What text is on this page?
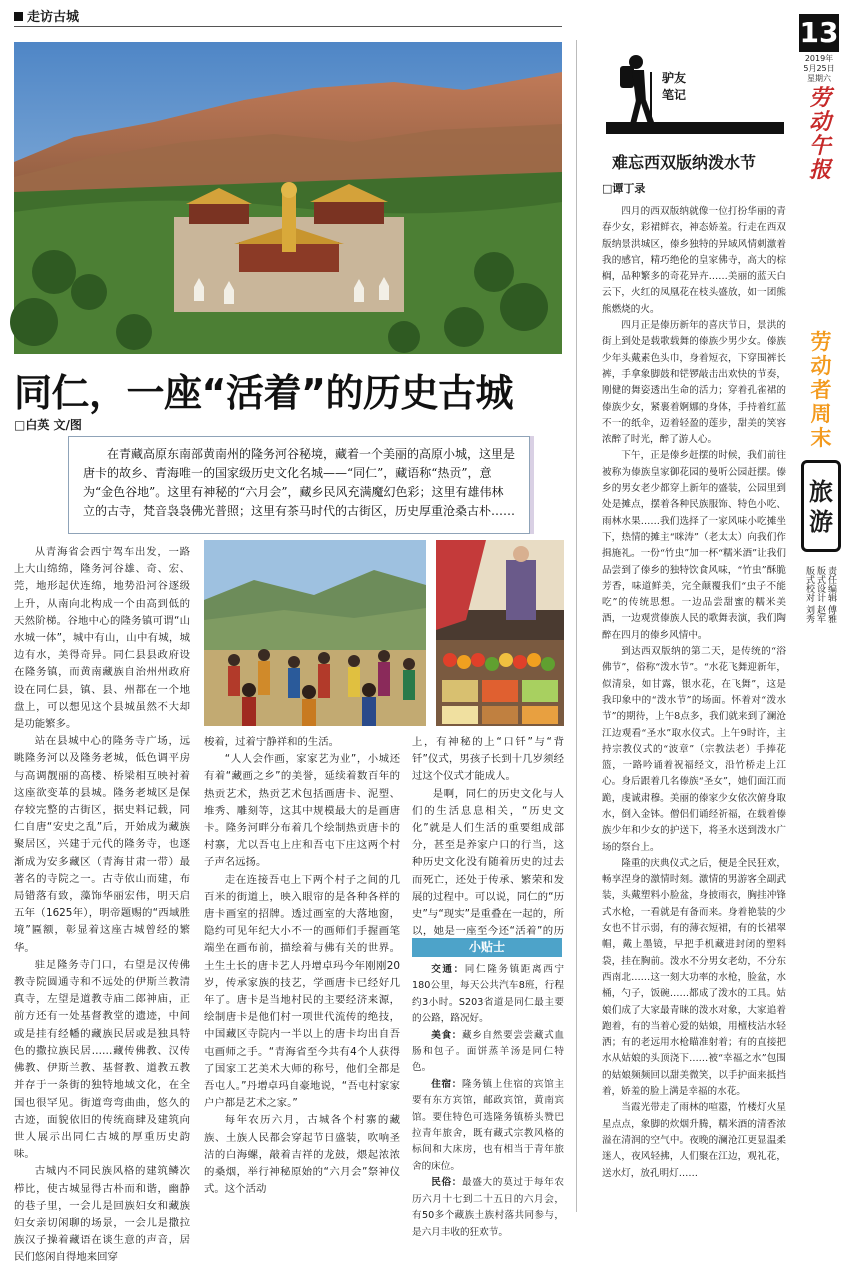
走访古城
同仁，一座“活着”的历史古城
□白英 文/图
在青藏高原东南部黄南州的隆务河谷秘境，藏着一个美丽的高原小城，这里是唐卡的故乡、青海唯一的国家级历史文化名城——“同仁”，藏语称“热贡”，意为“金色谷地”。这里有神秘的“六月会”，藏乡民风充满魔幻色彩；这里有雄伟林立的古寺，梵音袅袅佛光普照；这里有茶马时代的古街区，历史厚重沧桑古朴……

从青海省会西宁驾车出发，一路上大山绵绵，隆务河谷雄、奇、宏、莞，地形起伏连绵，地势沿河谷逐级上升，从南向北构成一个由高到低的天然阶梯。谷地中心的隆务镇可谓“山水城一体”，城中有山，山中有城，城边有水，美得奇异。同仁县县政府设在隆务镇，而黄南藏族自治州州政府设在同仁县，镇、县、州都在一个地盘上，可以想见这个县城虽然不大却是功能繁多。

站在县城中心的隆务寺广场，远眺隆务河以及隆务老城，低色调平房与高调靓丽的高楼、桥梁相互映衬着这座欲变革的县城。隆务老城区是保存较完整的古街区，据史料记载，同仁自唐“安史之乱”后，开始成为藏族聚居区，兴建于元代的隆务寺，也逐渐成为安多藏区（青海甘肃一带）最著名的寺院之一。古寺依山而建，布局错落有致，藻饰华丽宏伟，明天启五年（1625年），明帝题赐的“西域胜境”匾额，彰显着这座古城曾经的繁华。

驻足隆务寺门口，右望是汉传佛教寺院圆通寺和不远处的伊斯兰教清真寺，左望是道教寺庙二郎神庙，正前方还有一处基督教堂的遗迹，中间或是挂有经幡的藏族民居或是独具特色的撒拉族民居……藏传佛教、汉传佛教、伊斯兰教、基督教、道教五教并存于一条街的独特地域文化，在全国也很罕见。街道弯弯曲曲，悠久的古迹，面貌依旧的传统商肆及建筑向世人展示出同仁古城的厚重历史韵味。

古城内不同民族风格的建筑鳞次栉比，使古城显得古朴而和谐，幽静的巷子里，一会儿是回族妇女和藏族妇女亲切闲聊的场景，一会儿是撒拉族汉子操着藏语在谈生意的声音，居民们悠闲自得地来回穿

梭着，过着宁静祥和的生活。

“人人会作画，家家艺为业”，小城还有着“藏画之乡”的美誉，延续着数百年的热贡艺术，热贡艺术包括画唐卡、泥塑、堆秀、雕刻等，这其中规模最大的是画唐卡。隆务河畔分布着几个绘制热贡唐卡的村寨，尤以吾屯上庄和吾屯下庄这两个村子声名远扬。

走在连接吾屯上下两个村子之间的几百米的街道上，映入眼帘的是各种各样的唐卡画室的招牌。透过画室的大落地窗，隐约可见年纪大小不一的画师们手握画笔端坐在画布前，描绘着与佛有关的世界。土生土长的唐卡艺人丹增卓玛今年刚刚20岁，传承家族的技艺，学画唐卡已经好几年了。唐卡是当地村民的主要经济来源，绘制唐卡是他们村一项世代流传的绝技，中国藏区寺院内一半以上的唐卡均出自吾屯画师之手。“青海省至今共有4个人获得了国家工艺美术大师的称号，他们全都是吾屯人。”丹增卓玛自豪地说，“吾屯村家家户户都是艺术之家。”

每年农历六月，古城各个村寨的藏族、土族人民都会穿起节日盛装，吹响圣洁的白海螺，敲着吉祥的龙鼓，煨起浓浓的桑烟，举行神秘原始的“六月会”祭神仪式。这个活动

上，有神秘的上“口钎”与“背钎”仪式，男孩子长到十几岁须经过这个仪式才能成人。

是啊，同仁的历史文化与人们的生活息息相关，“历史文化”就是人们生活的重要组成部分，甚至是养家户口的行当，这种历史文化没有随着历史的过去而死亡，还处于传承、繁荣和发展的过程中。可以说，同仁的“历史”与“现实”是重叠在一起的，所以，她是一座至今还“活着”的历

小贴士

交通：同仁隆务镇距离西宁180公里，每天公共汽车8班，行程约3小时。S203省道是同仁最主要的公路，路况好。

美食：藏乡自然要尝尝藏式血肠和包子。面饼蒸羊汤是同仁特色。

住宿：隆务镇上住宿的宾馆主要有东方宾馆，邮政宾馆，黄南宾馆。要住特色可选隆务镇桥头赞巴拉青年旅舍，既有藏式宗教风格的标间和大床房，也有相当于青年旅舍的床位。

民俗：最盛大的莫过于每年农历六月十七到二十五日的六月会，有50多个藏族土族村落共同参与，是六月丰收的狂欢节。

驴友
笔记
难忘西双版纳泼水节
□谭丁录

四月的西双版纳就像一位打扮华丽的青春少女，彩裙鲜衣，神态娇羞。行走在西双版纳景洪城区，傣乡独特的异域风情刺激着我的感官，精巧绝伦的皇家佛寺，高大的棕榈，品种繁多的奇花异卉……美丽的蓝天白云下，火红的凤凰花在枝头盛放，如一团熊熊燃烧的火。

四月正是傣历新年的喜庆节日，景洪的街上到处是载歌载舞的傣族少男少女。傣族少年头戴素色头巾，身着短衣，下穿围裤长裤，手拿象脚鼓和铓锣敲击出欢快的节奏，刚健的舞姿透出生命的活力；穿着孔雀裙的傣族少女，紧裹着婀娜的身体，手持着红蓝不一的纸伞，迈着轻盈的莲步，甜美的笑容浓醉了时光，醉了游人心。

下午，正是傣乡赶摆的时候，我们前往被称为傣族皇家御花园的曼听公园赶摆。傣乡的男女老少都穿上新年的盛装，公园里到处是摊点，摆着各种民族服饰、特色小吃、雨林水果……我们选择了一家风味小吃摊坐下，热情的摊主“咪涛”（老太太）向我们作揖施礼。一份“竹虫”加一杯“糯米酒”让我们品尝到了傣乡的独特饮食风味，“竹虫”酥脆芳香，味道鲜美，完全颠覆我们“虫子不能吃”的传统思想。一边品尝甜蜜的糯米美酒，一边观赏傣族人民的歌舞表演，我们陶醉在四月的傣乡风情中。

到达西双版纳的第二天，是传统的“浴佛节”，俗称“泼水节”。“水花飞舞迎新年，似清泉，如甘露，银水花，在飞舞”，这是我印象中的“泼水节”的场面。怀着对“泼水节”的期待，上午8点多，我们就来到了澜沧江边观看“圣水”取水仪式。上午9时许，主持宗教仪式的“波章”（宗教法老）手捧花篮，一路吟诵着祝福经文，沿竹桥走上江心。身后跟着几名傣族“圣女”，她们面江而跪，虔诚肃穆。美丽的傣家少女依次俯身取水，倒入金钵。僧侣们诵经祈福，在载着傣族少年和少女的护送下，将圣水送到泼水广场的祭台上。

隆重的庆典仪式之后，便是全民狂欢，畅享涅身的激情时刻。激情的男游客全副武装，头戴塑料小脸盆，身披雨衣，胸挂冲锋式水枪，一看就是有备而来。身着艳装的少女也不甘示弱，有的薄衣短裙，有的长裙翠帽，戴上墨镜，早把手机藏进封闭的塑料袋，挂在胸前。泼水不分男女老幼，不分东西南北……这一刻大功率的水枪，脸盆，水桶，勺子，饭碗……都成了泼水的工具。姑娘们成了大家最青睐的泼水对象，大家追着跑着，有的当着心爱的姑娘，用檀枝沾水轻洒；有的老远用水枪瞄准射着；有的直接把水从姑娘的头顶浇下……被“幸福之水”包围的姑娘频频回以甜美微笑，以手护面来抵挡着，娇羞的脸上满是幸福的水花。

当霞光带走了雨林的喧嚣，竹楼灯火星星点点，象脚的炊烟升腾，糯米酒的清香浓溢在清润的空气中。夜晚的澜沧江更显温柔迷人，夜风轻拂，人们聚在江边，观礼花，送水灯，放孔明灯……

13
2019年
5月25日
星期六
劳动午报
劳动者周末
旅游
责任编辑 傅雅
版式设计 赵军
版式校对 刘秀
